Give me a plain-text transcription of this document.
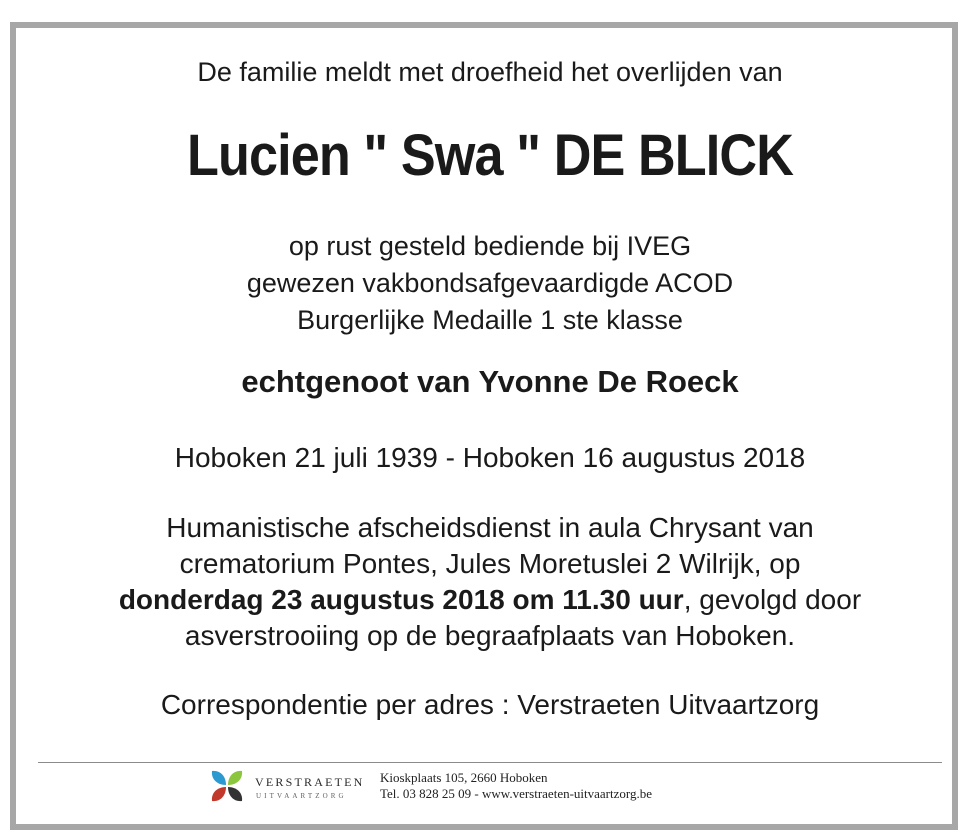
De familie meldt met droefheid het overlijden van
Lucien " Swa " DE BLICK
op rust gesteld bediende bij IVEG
gewezen vakbondsafgevaardigde ACOD
Burgerlijke Medaille 1 ste klasse
echtgenoot van Yvonne De Roeck
Hoboken 21 juli 1939 - Hoboken 16 augustus 2018
Humanistische afscheidsdienst in aula Chrysant van
crematorium Pontes, Jules Moretuslei 2 Wilrijk, op
donderdag 23 augustus 2018 om 11.30 uur, gevolgd door
asverstrooiing op de begraafplaats van Hoboken.
Correspondentie per adres : Verstraeten Uitvaartzorg
VERSTRAETEN
UITVAARTZORG
Kioskplaats 105, 2660 Hoboken
Tel. 03 828 25 09 - www.verstraeten-uitvaartzorg.be
